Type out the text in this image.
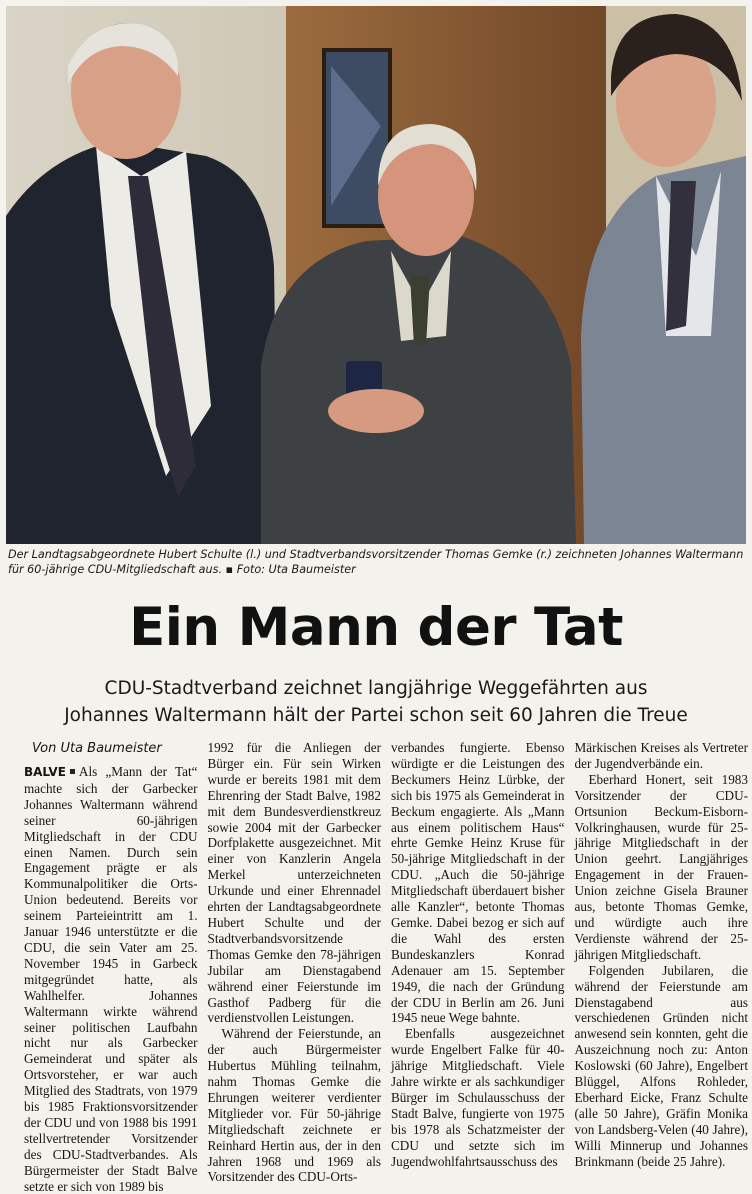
Der Landtagsabgeordnete Hubert Schulte (l.) und Stadtverbandsvorsitzender Thomas Gemke (r.) zeichneten Johannes Waltermann für 60-jährige CDU-Mitgliedschaft aus. ▪ Foto: Uta Baumeister

Ein Mann der Tat
CDU-Stadtverband zeichnet langjährige Weggefährten aus
Johannes Waltermann hält der Partei schon seit 60 Jahren die Treue
Von Uta Baumeister

BALVE Als „Mann der Tat“ machte sich der Garbecker Johannes Waltermann während seiner 60-jährigen Mitgliedschaft in der CDU einen Namen. Durch sein Engagement prägte er als Kommunalpolitiker die Orts-Union bedeutend. Bereits vor seinem Parteieintritt am 1. Januar 1946 unterstützte er die CDU, die sein Vater am 25. November 1945 in Garbeck mitgegründet hatte, als Wahlhelfer. Johannes Waltermann wirkte während seiner politischen Laufbahn nicht nur als Garbecker Gemeinderat und später als Ortsvorsteher, er war auch Mitglied des Stadtrats, von 1979 bis 1985 Fraktionsvorsitzender der CDU und von 1988 bis 1991 stellvertretender Vorsitzender des CDU-Stadtverbandes. Als Bürgermeister der Stadt Balve setzte er sich von 1989 bis

1992 für die Anliegen der Bürger ein. Für sein Wirken wurde er bereits 1981 mit dem Ehrenring der Stadt Balve, 1982 mit dem Bundesverdienstkreuz sowie 2004 mit der Garbecker Dorfplakette ausgezeichnet. Mit einer von Kanzlerin Angela Merkel unterzeichneten Urkunde und einer Ehrennadel ehrten der Landtagsabgeordnete Hubert Schulte und der Stadtverbandsvorsitzende Thomas Gemke den 78-jährigen Jubilar am Dienstagabend während einer Feierstunde im Gasthof Padberg für die verdienstvollen Leistungen.

Während der Feierstunde, an der auch Bürgermeister Hubertus Mühling teilnahm, nahm Thomas Gemke die Ehrungen weiterer verdienter Mitglieder vor. Für 50-jährige Mitgliedschaft zeichnete er Reinhard Hertin aus, der in den Jahren 1968 und 1969 als Vorsitzender des CDU-Orts-

verbandes fungierte. Ebenso würdigte er die Leistungen des Beckumers Heinz Lürbke, der sich bis 1975 als Gemeinderat in Beckum engagierte. Als „Mann aus einem politischem Haus“ ehrte Gemke Heinz Kruse für 50-jährige Mitgliedschaft in der CDU. „Auch die 50-jährige Mitgliedschaft überdauert bisher alle Kanzler“, betonte Thomas Gemke. Dabei bezog er sich auf die Wahl des ersten Bundeskanzlers Konrad Adenauer am 15. September 1949, die nach der Gründung der CDU in Berlin am 26. Juni 1945 neue Wege bahnte.

Ebenfalls ausgezeichnet wurde Engelbert Falke für 40-jährige Mitgliedschaft. Viele Jahre wirkte er als sachkundiger Bürger im Schulausschuss der Stadt Balve, fungierte von 1975 bis 1978 als Schatzmeister der CDU und setzte sich im Jugendwohlfahrtsausschuss des

Märkischen Kreises als Vertreter der Jugendverbände ein.

Eberhard Honert, seit 1983 Vorsitzender der CDU-Ortsunion Beckum-Eisborn-Volkringhausen, wurde für 25-jährige Mitgliedschaft in der Union geehrt. Langjähriges Engagement in der Frauen-Union zeichne Gisela Brauner aus, betonte Thomas Gemke, und würdigte auch ihre Verdienste während der 25-jährigen Mitgliedschaft.

Folgenden Jubilaren, die während der Feierstunde am Dienstagabend aus verschiedenen Gründen nicht anwesend sein konnten, geht die Auszeichnung noch zu: Anton Koslowski (60 Jahre), Engelbert Blüggel, Alfons Rohleder, Eberhard Eicke, Franz Schulte (alle 50 Jahre), Gräfin Monika von Landsberg-Velen (40 Jahre), Willi Minnerup und Johannes Brinkmann (beide 25 Jahre).
